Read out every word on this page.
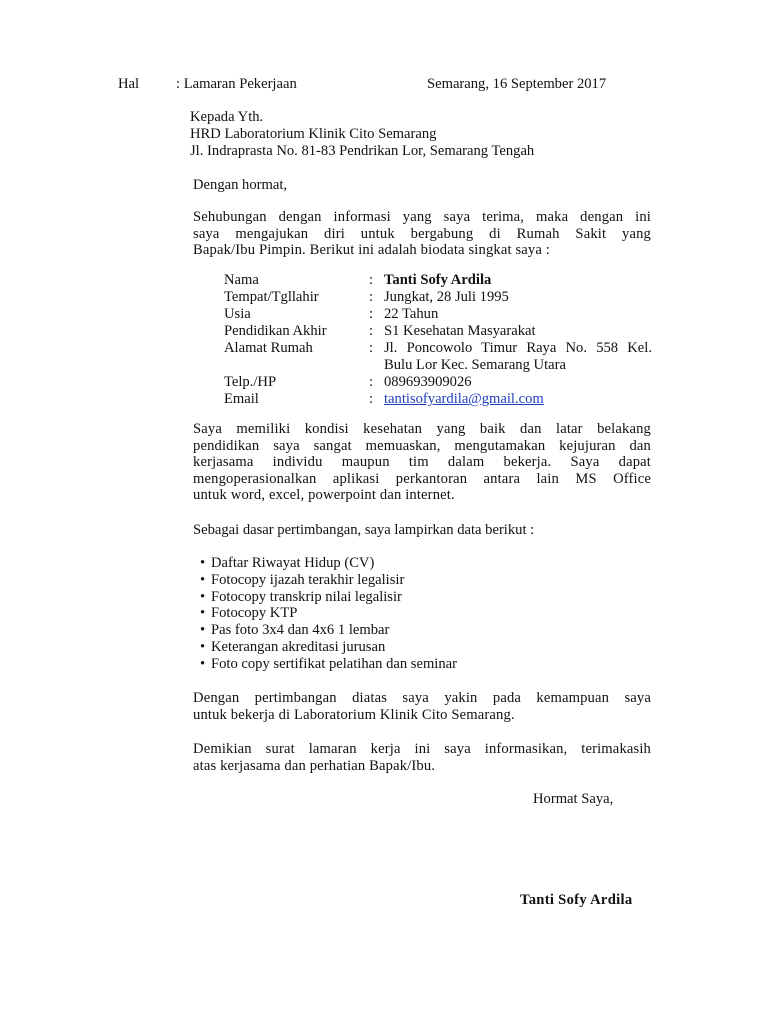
Hal	: Lamaran Pekerjaan	Semarang, 16 September 2017
Kepada Yth.
HRD Laboratorium Klinik Cito Semarang
Jl. Indraprasta No. 81-83 Pendrikan Lor, Semarang Tengah
Dengan hormat,
Sehubungan dengan informasi yang saya terima, maka dengan ini
saya mengajukan diri untuk bergabung di Rumah Sakit yang
Bapak/Ibu Pimpin. Berikut ini adalah biodata singkat saya :
Nama	: Tanti Sofy Ardila
Tempat/Tgllahir	: Jungkat, 28 Juli 1995
Usia	: 22 Tahun
Pendidikan Akhir	: S1 Kesehatan Masyarakat
Alamat Rumah	: Jl. Poncowolo Timur Raya No. 558 Kel.
Bulu Lor Kec. Semarang Utara
Telp./HP	: 089693909026
Email	: tantisofyardila@gmail.com
Saya memiliki kondisi kesehatan yang baik dan latar belakang
pendidikan saya sangat memuaskan, mengutamakan kejujuran dan
kerjasama individu maupun tim dalam bekerja. Saya dapat
mengoperasionalkan aplikasi perkantoran antara lain MS Office
untuk word, excel, powerpoint dan internet.
Sebagai dasar pertimbangan, saya lampirkan data berikut :
• Daftar Riwayat Hidup (CV)
• Fotocopy ijazah terakhir legalisir
• Fotocopy transkrip nilai legalisir
• Fotocopy KTP
• Pas foto 3x4 dan 4x6 1 lembar
• Keterangan akreditasi jurusan
• Foto copy sertifikat pelatihan dan seminar
Dengan pertimbangan diatas saya yakin pada kemampuan saya
untuk bekerja di Laboratorium Klinik Cito Semarang.
Demikian surat lamaran kerja ini saya informasikan, terimakasih
atas kerjasama dan perhatian Bapak/Ibu.
Hormat Saya,
Tanti Sofy Ardila
